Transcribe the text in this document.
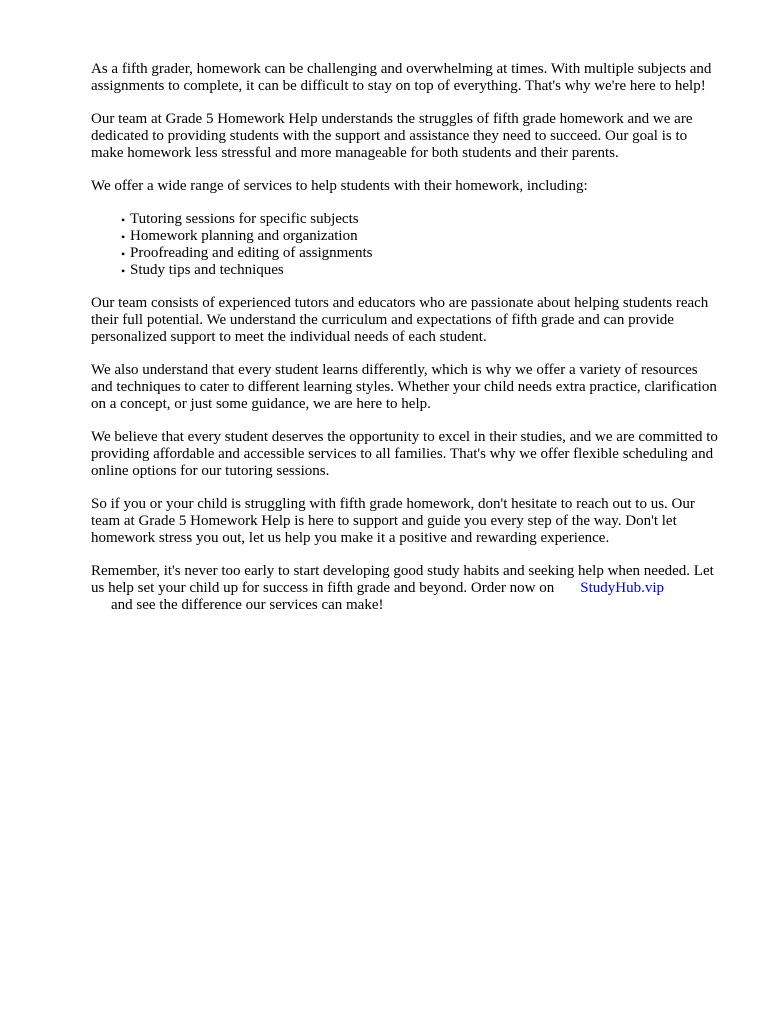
As a fifth grader, homework can be challenging and overwhelming at times. With multiple subjects and assignments to complete, it can be difficult to stay on top of everything. That's why we're here to help!

Our team at Grade 5 Homework Help understands the struggles of fifth grade homework and we are dedicated to providing students with the support and assistance they need to succeed. Our goal is to make homework less stressful and more manageable for both students and their parents.

We offer a wide range of services to help students with their homework, including:

• Tutoring sessions for specific subjects
• Homework planning and organization
• Proofreading and editing of assignments
• Study tips and techniques

Our team consists of experienced tutors and educators who are passionate about helping students reach their full potential. We understand the curriculum and expectations of fifth grade and can provide personalized support to meet the individual needs of each student.

We also understand that every student learns differently, which is why we offer a variety of resources and techniques to cater to different learning styles. Whether your child needs extra practice, clarification on a concept, or just some guidance, we are here to help.

We believe that every student deserves the opportunity to excel in their studies, and we are committed to providing affordable and accessible services to all families. That's why we offer flexible scheduling and online options for our tutoring sessions.

So if you or your child is struggling with fifth grade homework, don't hesitate to reach out to us. Our team at Grade 5 Homework Help is here to support and guide you every step of the way. Don't let homework stress you out, let us help you make it a positive and rewarding experience.

Remember, it's never too early to start developing good study habits and seeking help when needed. Let us help set your child up for success in fifth grade and beyond. Order now on StudyHub.vip
and see the difference our services can make!
